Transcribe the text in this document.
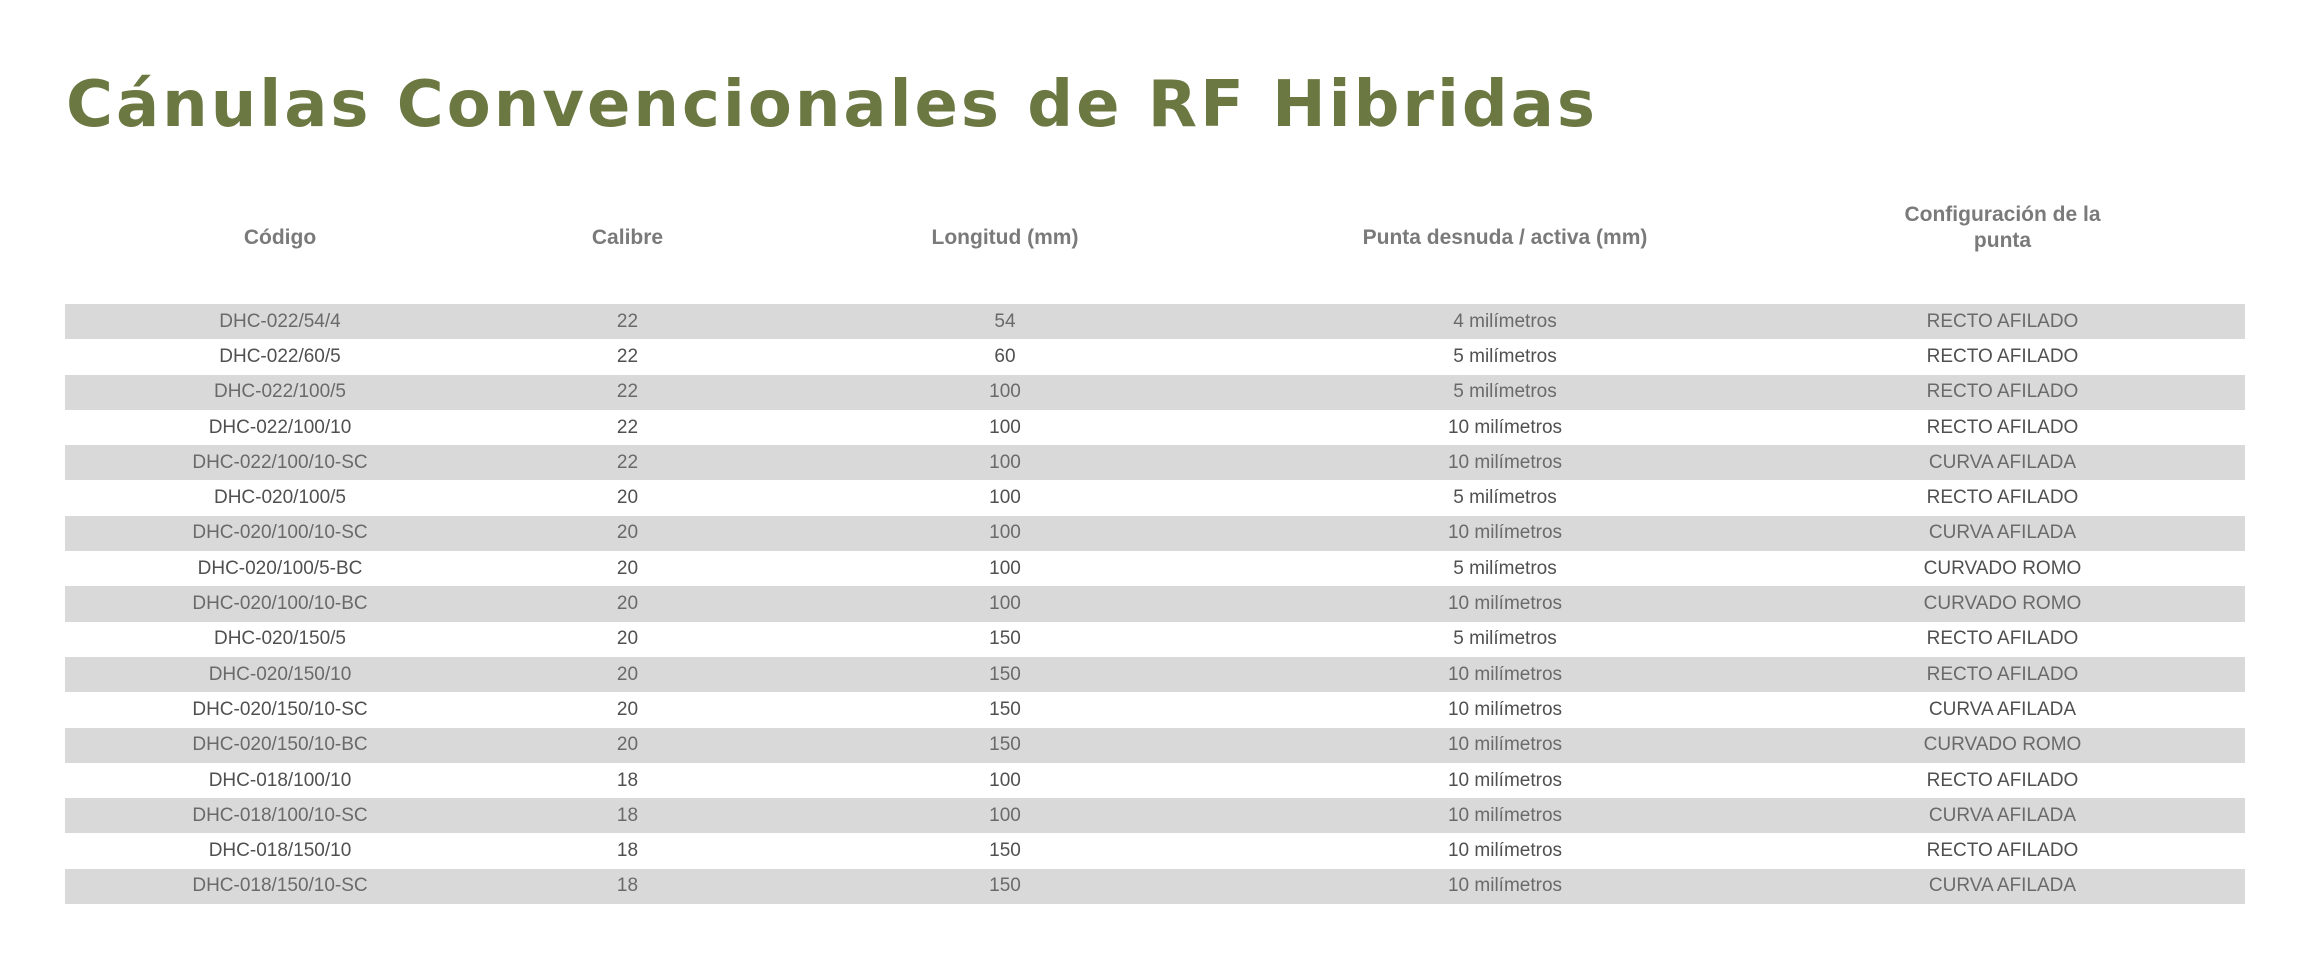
Cánulas Convencionales de RF Hibridas
Código	Calibre	Longitud (mm)	Punta desnuda / activa (mm)	Configuración de la punta
DHC-022/54/4	22	54	4 milímetros	RECTO AFILADO
DHC-022/60/5	22	60	5 milímetros	RECTO AFILADO
DHC-022/100/5	22	100	5 milímetros	RECTO AFILADO
DHC-022/100/10	22	100	10 milímetros	RECTO AFILADO
DHC-022/100/10-SC	22	100	10 milímetros	CURVA AFILADA
DHC-020/100/5	20	100	5 milímetros	RECTO AFILADO
DHC-020/100/10-SC	20	100	10 milímetros	CURVA AFILADA
DHC-020/100/5-BC	20	100	5 milímetros	CURVADO ROMO
DHC-020/100/10-BC	20	100	10 milímetros	CURVADO ROMO
DHC-020/150/5	20	150	5 milímetros	RECTO AFILADO
DHC-020/150/10	20	150	10 milímetros	RECTO AFILADO
DHC-020/150/10-SC	20	150	10 milímetros	CURVA AFILADA
DHC-020/150/10-BC	20	150	10 milímetros	CURVADO ROMO
DHC-018/100/10	18	100	10 milímetros	RECTO AFILADO
DHC-018/100/10-SC	18	100	10 milímetros	CURVA AFILADA
DHC-018/150/10	18	150	10 milímetros	RECTO AFILADO
DHC-018/150/10-SC	18	150	10 milímetros	CURVA AFILADA
